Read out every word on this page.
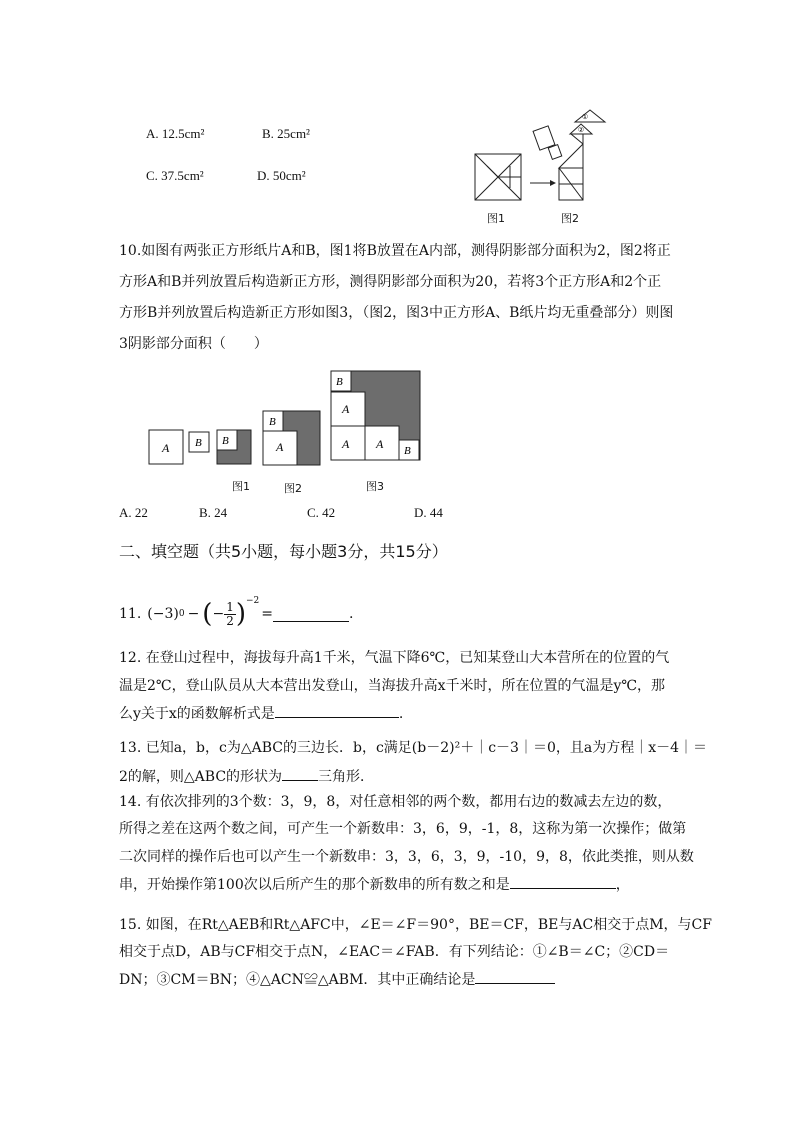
A. 12.5cm²	B. 25cm²
C. 37.5cm²	D. 50cm²
①
②
图1	图2
10.如图有两张正方形纸片A和B，图1将B放置在A内部，测得阴影部分面积为2，图2将正
方形A和B并列放置后构造新正方形，测得阴影部分面积为20，若将3个正方形A和2个正
方形B并列放置后构造新正方形如图3，（图2，图3中正方形A、B纸片均无重叠部分）则图
3阴影部分面积（　　）
A B B
B
A
B
A
A A B
图1	图2	图3
A. 22	B. 24	C. 42	D. 44
二、填空题（共5小题，每小题3分，共15分）
11. (−3) 0 − ( − $\frac{1}{2} )^{-2}$
=	.
12. 在登山过程中，海拔每升高1千米，气温下降6℃，已知某登山大本营所在的位置的气
温是2℃，登山队员从大本营出发登山，当海拔升高x千米时，所在位置的气温是y℃，那
么y关于x的函数解析式是	.
13. 已知a，b，c为△ABC的三边长．b，c满足(b－2)²＋｜c－3｜＝0，且a为方程｜x－4｜＝
2的解，则△ABC的形状为	三角形．
14. 有依次排列的3个数：3，9，8，对任意相邻的两个数，都用右边的数减去左边的数，
所得之差在这两个数之间，可产生一个新数串：3，6，9，-1，8，这称为第一次操作；做第
二次同样的操作后也可以产生一个新数串：3，3，6，3，9，-10，9，8，依此类推，则从数
串，开始操作第100次以后所产生的那个新数串的所有数之和是	，
15. 如图，在Rt△AEB和Rt△AFC中，∠E＝∠F＝90°，BE＝CF，BE与AC相交于点M，与CF
相交于点D，AB与CF相交于点N，∠EAC＝∠FAB．有下列结论：①∠B＝∠C；②CD＝
DN；③CM＝BN；④△ACN≌△ABM．其中正确结论是
